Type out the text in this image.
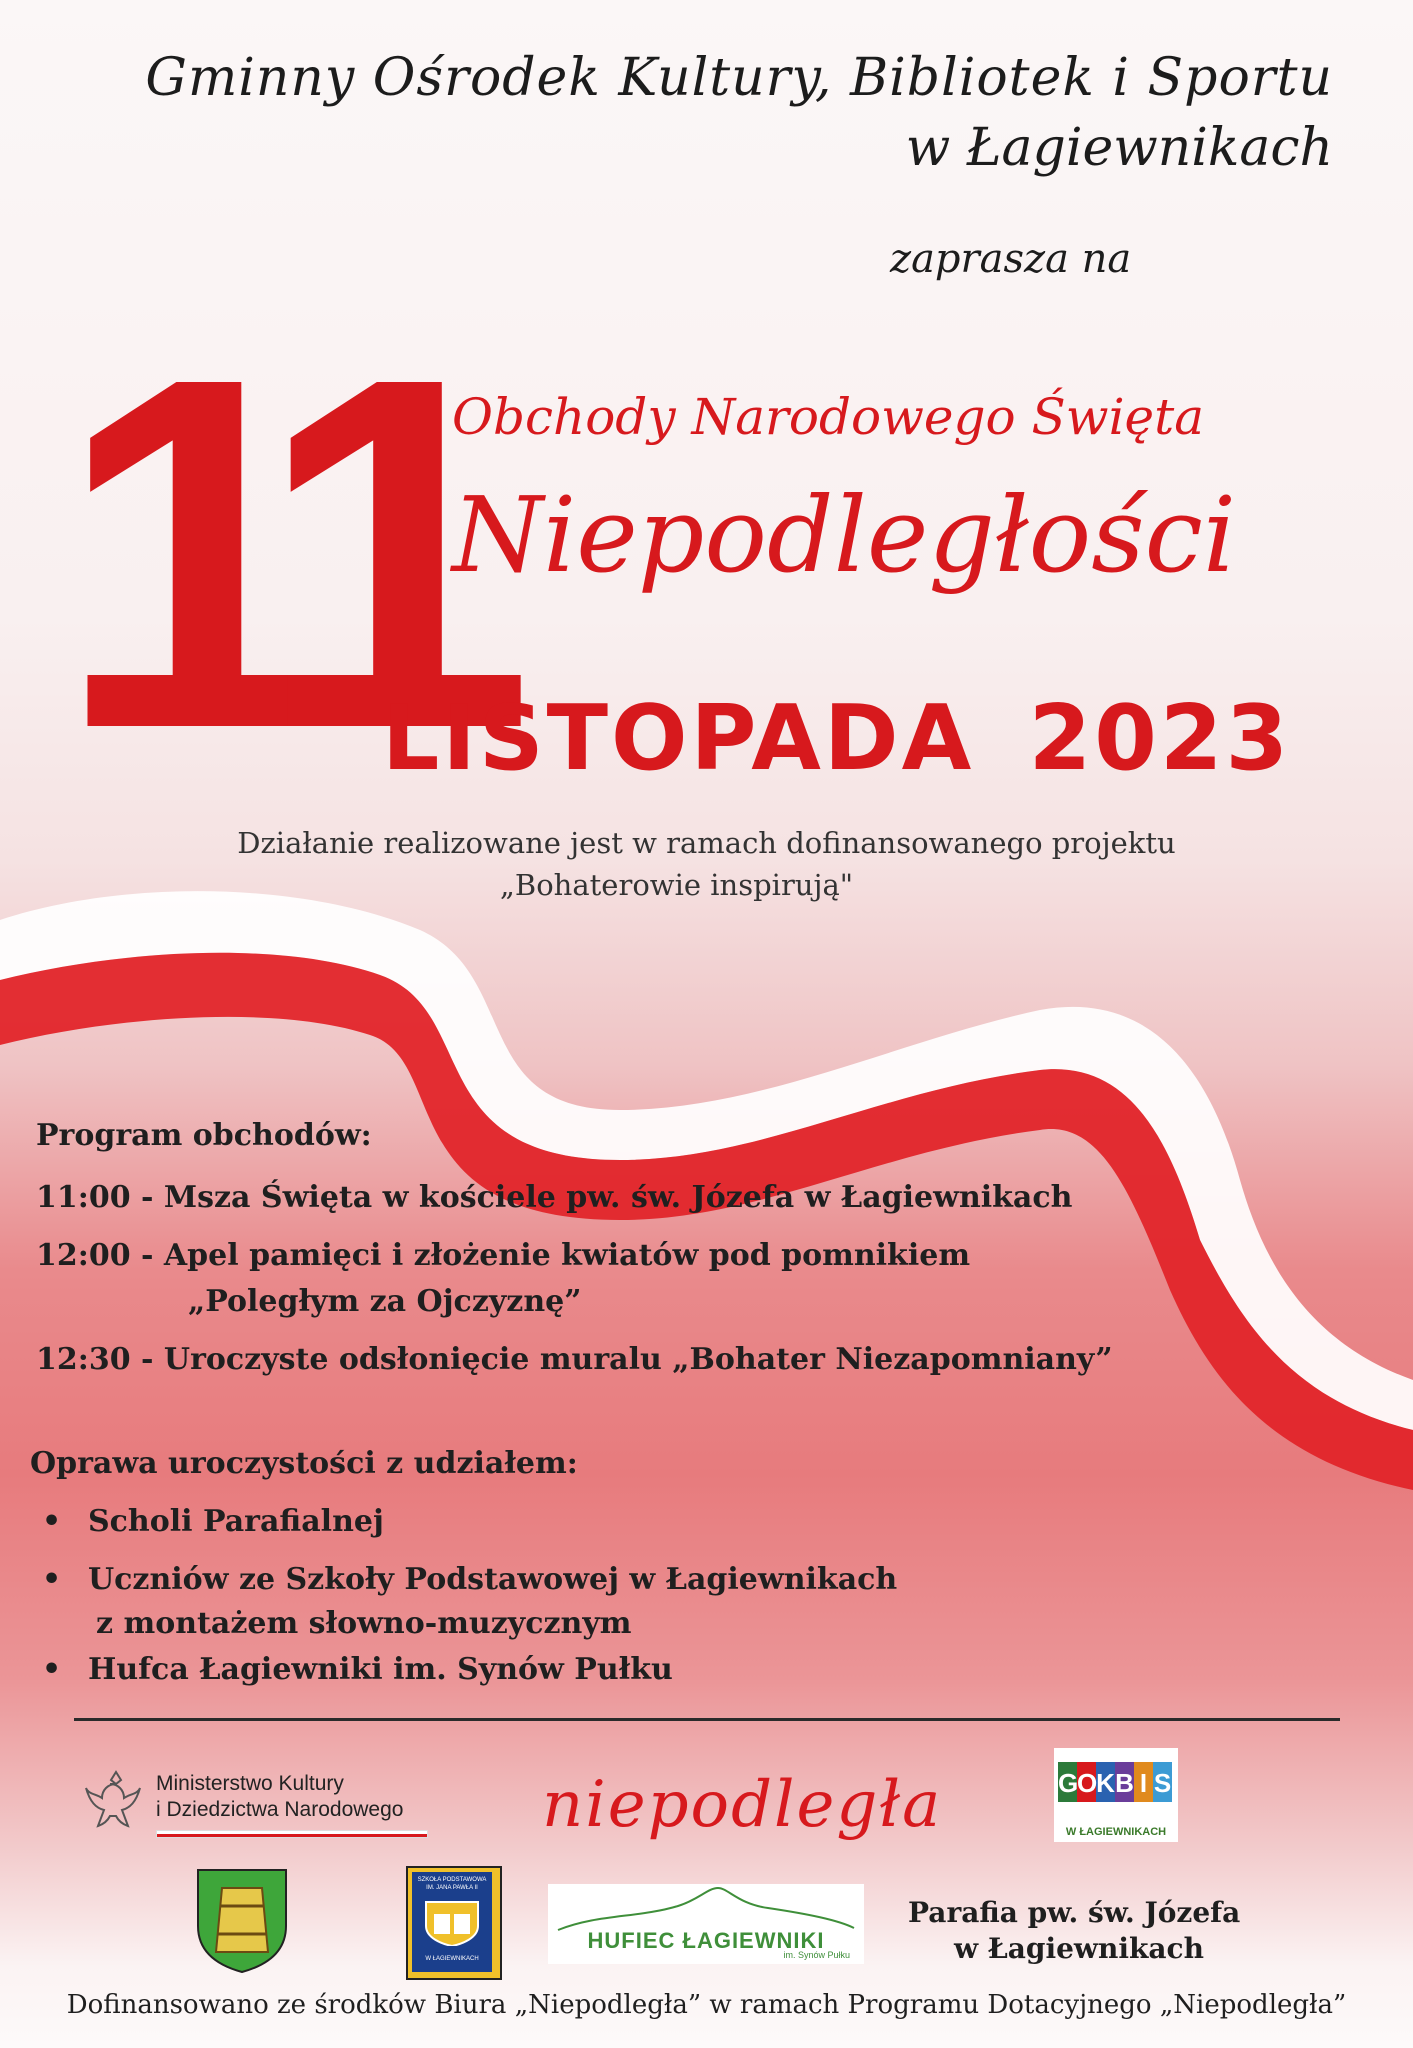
Gminny Ośrodek Kultury, Bibliotek i Sportu
w Łagiewnikach
zaprasza na
11
Obchody Narodowego Święta
Niepodległości
LISTOPADA 2023
Działanie realizowane jest w ramach dofinansowanego projektu
„Bohaterowie inspirują"
Program obchodów:
11:00 - Msza Święta w kościele pw. św. Józefa w Łagiewnikach
12:00 - Apel pamięci i złożenie kwiatów pod pomnikiem
„Poległym za Ojczyznę”
12:30 - Uroczyste odsłonięcie muralu „Bohater Niezapomniany”
Oprawa uroczystości z udziałem:
• Scholi Parafialnej
• Uczniów ze Szkoły Podstawowej w Łagiewnikach
z montażem słowno-muzycznym
• Hufca Łagiewniki im. Synów Pułku
Ministerstwo Kultury
i Dziedzictwa Narodowego niepodległa	G
O
K B I S
W ŁAGIEWNIKACH
SZKOŁA PODSTAWOWA
IM. JANA PAWŁA II
W ŁAGIEWNIKACH
HUFIEC ŁAGIEWNIKI
im. Synów Pułku
Parafia pw. św. Józefa
w Łagiewnikach
Dofinansowano ze środków Biura „Niepodległa” w ramach Programu Dotacyjnego „Niepodległa”
